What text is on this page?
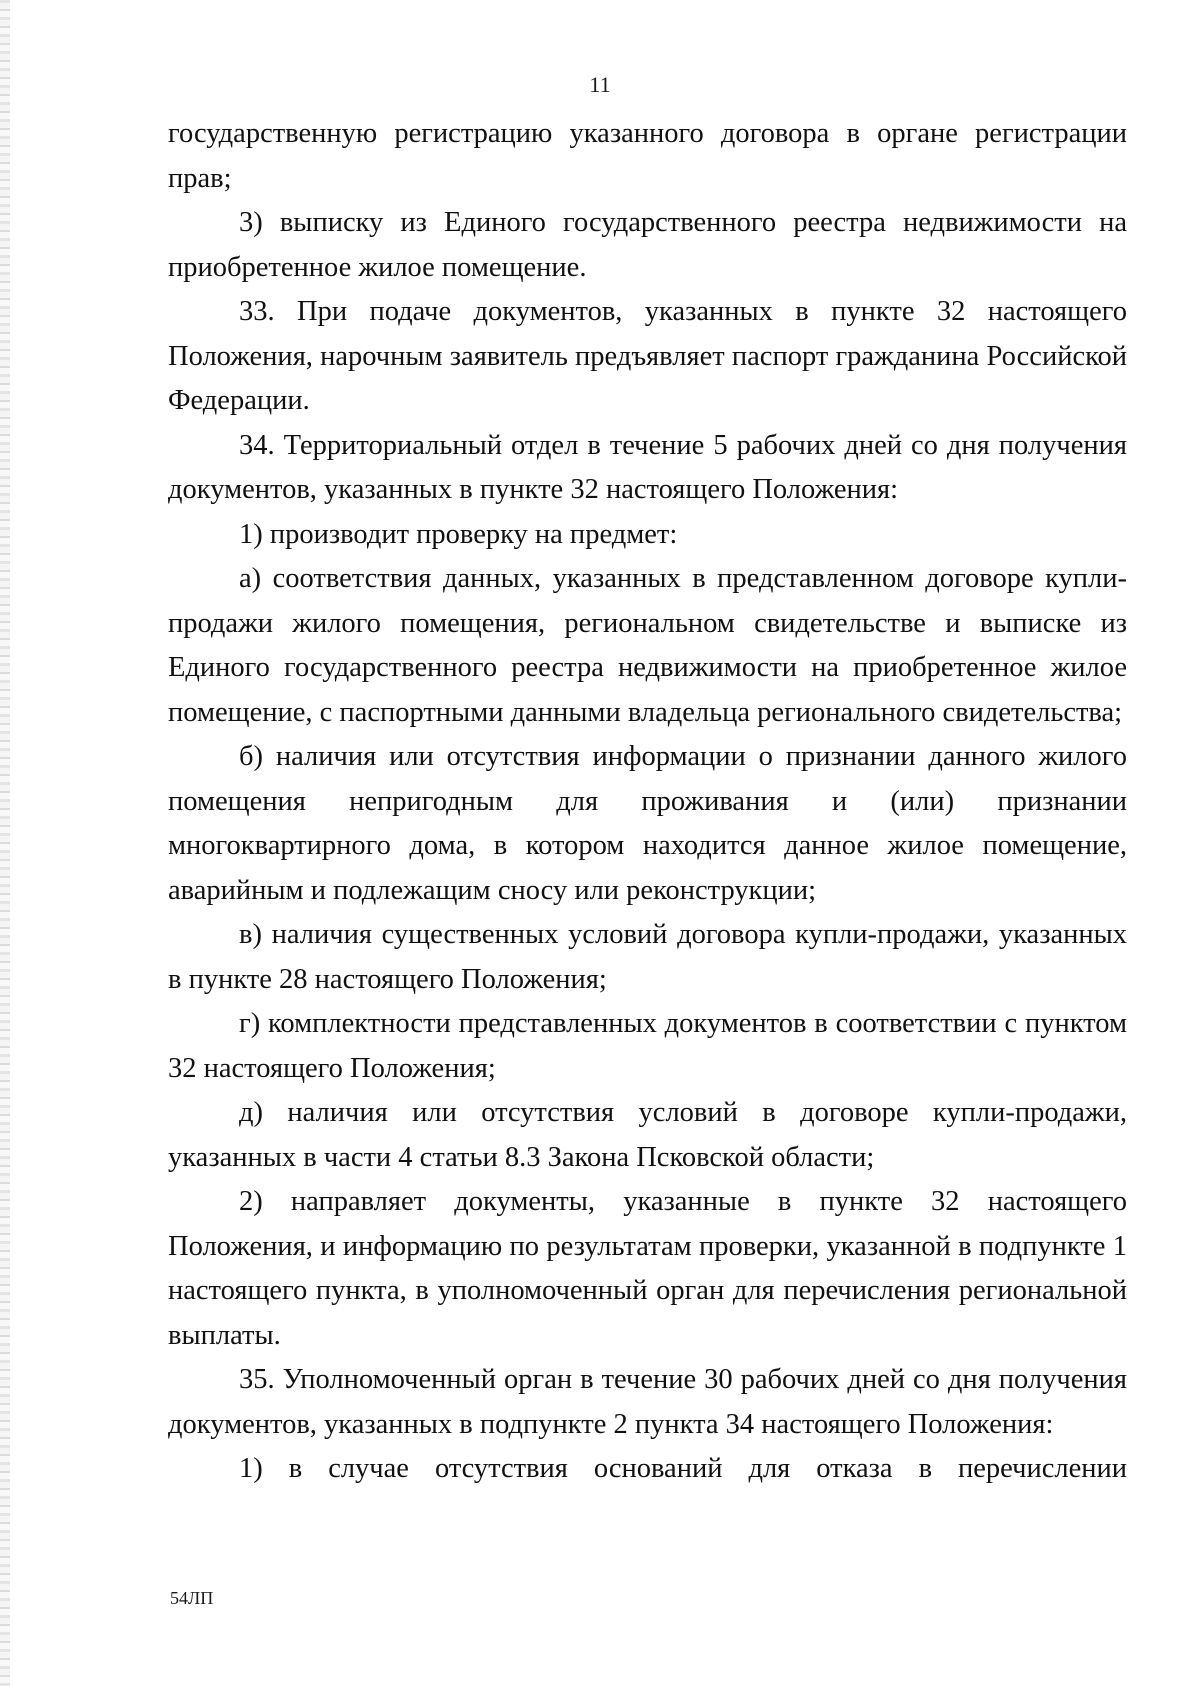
11

государственную регистрацию указанного договора в органе регистрации прав;

3) выписку из Единого государственного реестра недвижимости на приобретенное жилое помещение.

33. При подаче документов, указанных в пункте 32 настоящего Положения, нарочным заявитель предъявляет паспорт гражданина Российской Федерации.

34. Территориальный отдел в течение 5 рабочих дней со дня получения документов, указанных в пункте 32 настоящего Положения:

1) производит проверку на предмет:

а) соответствия данных, указанных в представленном договоре купли-продажи жилого помещения, региональном свидетельстве и выписке из Единого государственного реестра недвижимости на приобретенное жилое помещение, с паспортными данными владельца регионального свидетельства;

б) наличия или отсутствия информации о признании данного жилого помещения непригодным для проживания и (или) признании многоквартирного дома, в котором находится данное жилое помещение, аварийным и подлежащим сносу или реконструкции;

в) наличия существенных условий договора купли-продажи, указанных в пункте 28 настоящего Положения;

г) комплектности представленных документов в соответствии с пунктом 32 настоящего Положения;

д) наличия или отсутствия условий в договоре купли-продажи, указанных в части 4 статьи 8.3 Закона Псковской области;

2) направляет документы, указанные в пункте 32 настоящего Положения, и информацию по результатам проверки, указанной в подпункте 1 настоящего пункта, в уполномоченный орган для перечисления региональной выплаты.

35. Уполномоченный орган в течение 30 рабочих дней со дня получения документов, указанных в подпункте 2 пункта 34 настоящего Положения:

1) в случае отсутствия оснований для отказа в перечислении

54ЛП
